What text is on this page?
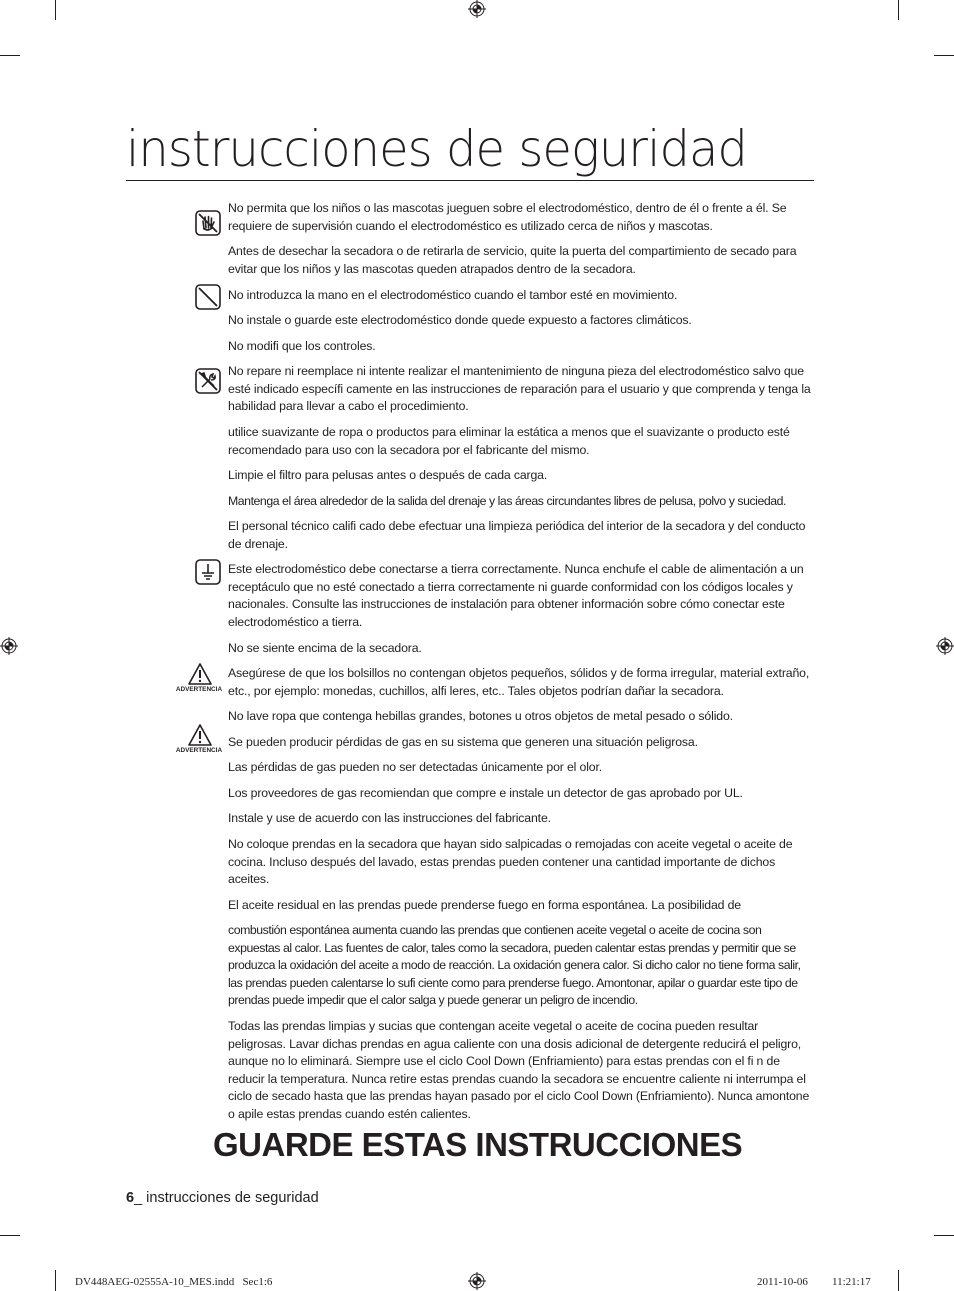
instrucciones de seguridad
ADVERTENCIA
ADVERTENCIA
No permita que los niños o las mascotas jueguen sobre el electrodoméstico, dentro de él o frente a él. Se requiere de supervisión cuando el electrodoméstico es utilizado cerca de niños y mascotas.
Antes de desechar la secadora o de retirarla de servicio, quite la puerta del compartimiento de secado para evitar que los niños y las mascotas queden atrapados dentro de la secadora.
No introduzca la mano en el electrodoméstico cuando el tambor esté en movimiento.
No instale o guarde este electrodoméstico donde quede expuesto a factores climáticos.
No modifi que los controles.
No repare ni reemplace ni intente realizar el mantenimiento de ninguna pieza del electrodoméstico salvo que esté indicado específi camente en las instrucciones de reparación para el usuario y que comprenda y tenga la habilidad para llevar a cabo el procedimiento.
utilice suavizante de ropa o productos para eliminar la estática a menos que el suavizante o producto esté recomendado para uso con la secadora por el fabricante del mismo.
Limpie el filtro para pelusas antes o después de cada carga.
Mantenga el área alrededor de la salida del drenaje y las áreas circundantes libres de pelusa, polvo y suciedad.
El personal técnico califi cado debe efectuar una limpieza periódica del interior de la secadora y del conducto de drenaje.
Este electrodoméstico debe conectarse a tierra correctamente. Nunca enchufe el cable de alimentación a un receptáculo que no esté conectado a tierra correctamente ni guarde conformidad con los códigos locales y nacionales. Consulte las instrucciones de instalación para obtener información sobre cómo conectar este electrodoméstico a tierra.
No se siente encima de la secadora.
Asegúrese de que los bolsillos no contengan objetos pequeños, sólidos y de forma irregular, material extraño, etc., por ejemplo: monedas, cuchillos, alfi leres, etc.. Tales objetos podrían dañar la secadora.
No lave ropa que contenga hebillas grandes, botones u otros objetos de metal pesado o sólido.
Se pueden producir pérdidas de gas en su sistema que generen una situación peligrosa.
Las pérdidas de gas pueden no ser detectadas únicamente por el olor.
Los proveedores de gas recomiendan que compre e instale un detector de gas aprobado por UL.
Instale y use de acuerdo con las instrucciones del fabricante.
No coloque prendas en la secadora que hayan sido salpicadas o remojadas con aceite vegetal o aceite de cocina. Incluso después del lavado, estas prendas pueden contener una cantidad importante de dichos aceites.
El aceite residual en las prendas puede prenderse fuego en forma espontánea. La posibilidad de
combustión espontánea aumenta cuando las prendas que contienen aceite vegetal o aceite de cocina son expuestas al calor. Las fuentes de calor, tales como la secadora, pueden calentar estas prendas y permitir que se produzca la oxidación del aceite a modo de reacción. La oxidación genera calor. Si dicho calor no tiene forma salir, las prendas pueden calentarse lo sufi ciente como para prenderse fuego. Amontonar, apilar o guardar este tipo de prendas puede impedir que el calor salga y puede generar un peligro de incendio.
Todas las prendas limpias y sucias que contengan aceite vegetal o aceite de cocina pueden resultar peligrosas. Lavar dichas prendas en agua caliente con una dosis adicional de detergente reducirá el peligro, aunque no lo eliminará. Siempre use el ciclo Cool Down (Enfriamiento) para estas prendas con el fi n de reducir la temperatura. Nunca retire estas prendas cuando la secadora se encuentre caliente ni interrumpa el ciclo de secado hasta que las prendas hayan pasado por el ciclo Cool Down (Enfriamiento). Nunca amontone o apile estas prendas cuando estén calientes.
GUARDE ESTAS INSTRUCCIONES
6_ instrucciones de seguridad
DV448AEG-02555A-10_MES.indd   Sec1:6	2011-10-06 11:21:17
